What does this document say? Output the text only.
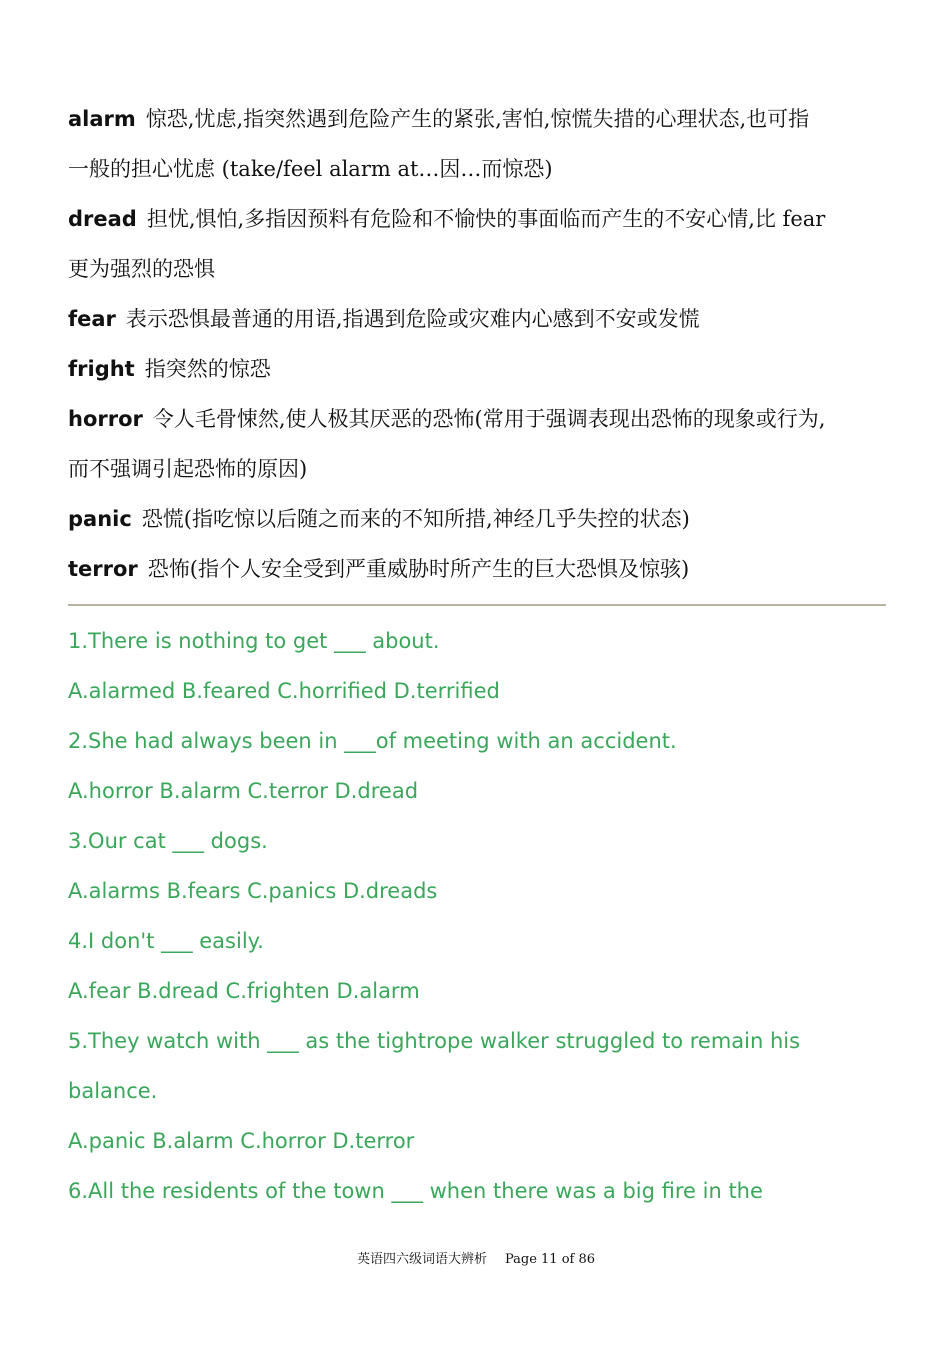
alarm 惊恐,忧虑,指突然遇到危险产生的紧张,害怕,惊慌失措的心理状态,也可指
一般的担心忧虑 (take/feel alarm at…因…而惊恐)
dread 担忧,惧怕,多指因预料有危险和不愉快的事面临而产生的不安心情,比 fear
更为强烈的恐惧
fear 表示恐惧最普通的用语,指遇到危险或灾难内心感到不安或发慌
fright 指突然的惊恐
horror 令人毛骨悚然,使人极其厌恶的恐怖(常用于强调表现出恐怖的现象或行为,
而不强调引起恐怖的原因)
panic 恐慌(指吃惊以后随之而来的不知所措,神经几乎失控的状态)
terror 恐怖(指个人安全受到严重威胁时所产生的巨大恐惧及惊骇)
1.There is nothing to get ___ about.
A.alarmed B.feared C.horrified D.terrified
2.She had always been in ___of meeting with an accident.
A.horror B.alarm C.terror D.dread
3.Our cat ___ dogs.
A.alarms B.fears C.panics D.dreads
4.I don't ___ easily.
A.fear B.dread C.frighten D.alarm
5.They watch with ___ as the tightrope walker struggled to remain his
balance.
A.panic B.alarm C.horror D.terror
6.All the residents of the town ___ when there was a big fire in the
英语四六级词语大辨析 Page 11 of 86
